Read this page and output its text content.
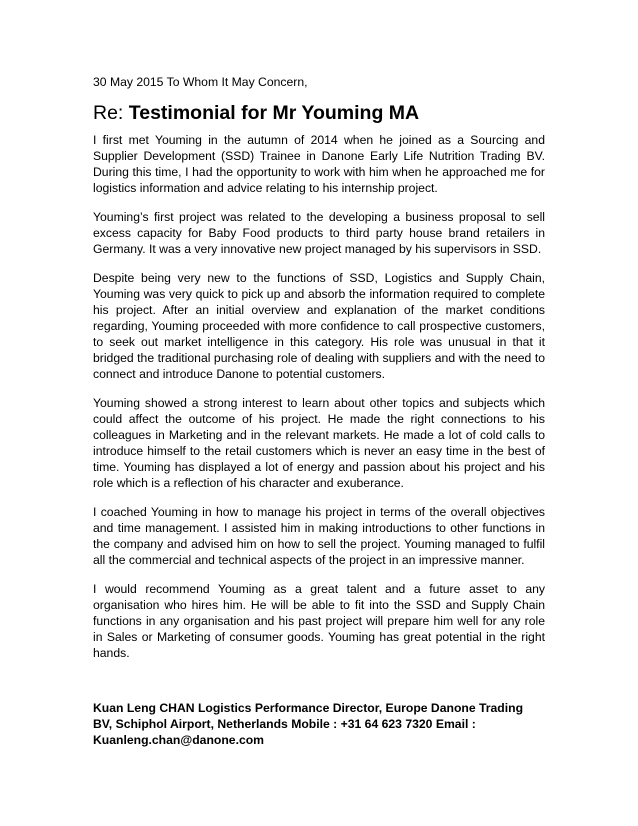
30 May 2015 To Whom It May Concern,
Re: Testimonial for Mr Youming MA

I first met Youming in the autumn of 2014 when he joined as a Sourcing and Supplier Development (SSD) Trainee in Danone Early Life Nutrition Trading BV. During this time, I had the opportunity to work with him when he approached me for logistics information and advice relating to his internship project.

Youming’s first project was related to the developing a business proposal to sell excess capacity for Baby Food products to third party house brand retailers in Germany. It was a very innovative new project managed by his supervisors in SSD.

Despite being very new to the functions of SSD, Logistics and Supply Chain, Youming was very quick to pick up and absorb the information required to complete his project. After an initial overview and explanation of the market conditions regarding, Youming proceeded with more confidence to call prospective customers, to seek out market intelligence in this category. His role was unusual in that it bridged the traditional purchasing role of dealing with suppliers and with the need to connect and introduce Danone to potential customers.

Youming showed a strong interest to learn about other topics and subjects which could affect the outcome of his project. He made the right connections to his colleagues in Marketing and in the relevant markets. He made a lot of cold calls to introduce himself to the retail customers which is never an easy time in the best of time. Youming has displayed a lot of energy and passion about his project and his role which is a reflection of his character and exuberance.

I coached Youming in how to manage his project in terms of the overall objectives and time management. I assisted him in making introductions to other functions in the company and advised him on how to sell the project. Youming managed to fulfil all the commercial and technical aspects of the project in an impressive manner.

I would recommend Youming as a great talent and a future asset to any organisation who hires him. He will be able to fit into the SSD and Supply Chain functions in any organisation and his past project will prepare him well for any role in Sales or Marketing of consumer goods. Youming has great potential in the right hands.

Kuan Leng CHAN Logistics Performance Director, Europe Danone Trading BV, Schiphol Airport, Netherlands Mobile : +31 64 623 7320 Email : Kuanleng.chan@danone.com
